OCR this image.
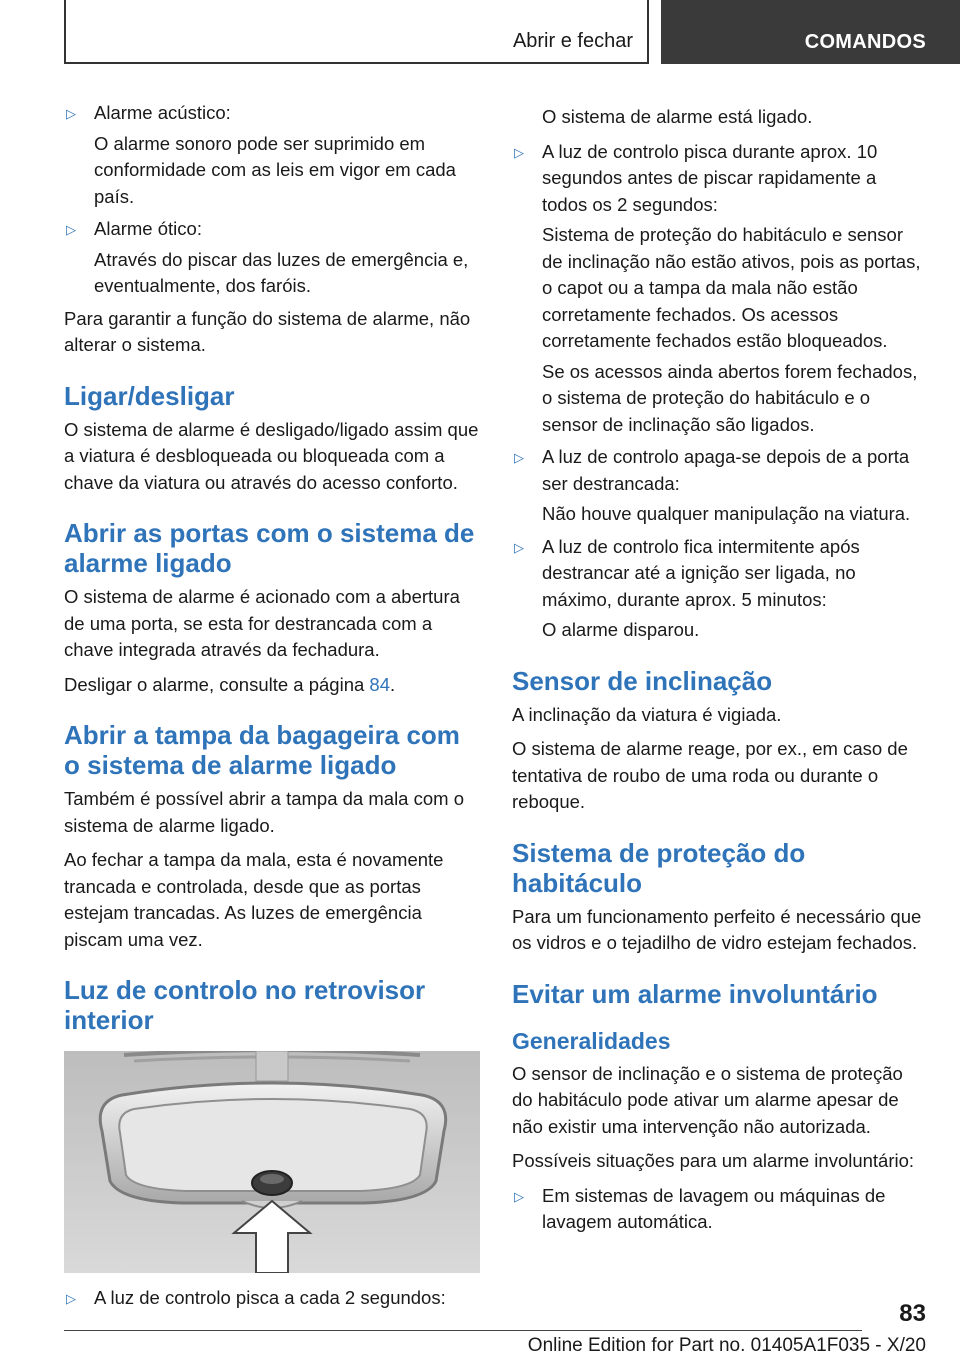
Abrir e fechar	COMANDOS
▷ Alarme acústico:
O alarme sonoro pode ser suprimido em conformidade com as leis em vigor em cada país.
▷ Alarme ótico:
Através do piscar das luzes de emergência e, eventualmente, dos faróis.

Para garantir a função do sistema de alarme, não alterar o sistema.

Ligar/desligar

O sistema de alarme é desligado/ligado assim que a viatura é desbloqueada ou bloqueada com a chave da viatura ou através do acesso conforto.

Abrir as portas com o sistema de alarme ligado

O sistema de alarme é acionado com a abertura de uma porta, se esta for destrancada com a chave integrada através da fechadura.

Desligar o alarme, consulte a página 84.

Abrir a tampa da bagageira com o sistema de alarme ligado

Também é possível abrir a tampa da mala com o sistema de alarme ligado.

Ao fechar a tampa da mala, esta é novamente trancada e controlada, desde que as portas estejam trancadas. As luzes de emergência piscam uma vez.

Luz de controlo no retrovisor interior
▷ A luz de controlo pisca a cada 2 segundos:

O sistema de alarme está ligado.

▷ A luz de controlo pisca durante aprox. 10 segundos antes de piscar rapidamente a todos os 2 segundos:
Sistema de proteção do habitáculo e sensor de inclinação não estão ativos, pois as portas, o capot ou a tampa da mala não estão corretamente fechados. Os acessos corretamente fechados estão bloqueados.
Se os acessos ainda abertos forem fechados, o sistema de proteção do habitáculo e o sensor de inclinação são ligados.
▷ A luz de controlo apaga-se depois de a porta ser destrancada:
Não houve qualquer manipulação na viatura.
▷ A luz de controlo fica intermitente após destrancar até a ignição ser ligada, no máximo, durante aprox. 5 minutos:
O alarme disparou.
Sensor de inclinação

A inclinação da viatura é vigiada.

O sistema de alarme reage, por ex., em caso de tentativa de roubo de uma roda ou durante o reboque.

Sistema de proteção do habitáculo

Para um funcionamento perfeito é necessário que os vidros e o tejadilho de vidro estejam fechados.

Evitar um alarme involuntário
Generalidades

O sensor de inclinação e o sistema de proteção do habitáculo pode ativar um alarme apesar de não existir uma intervenção não autorizada.

Possíveis situações para um alarme involuntário:

▷ Em sistemas de lavagem ou máquinas de lavagem automática.
83
Online Edition for Part no. 01405A1F035 - X/20
